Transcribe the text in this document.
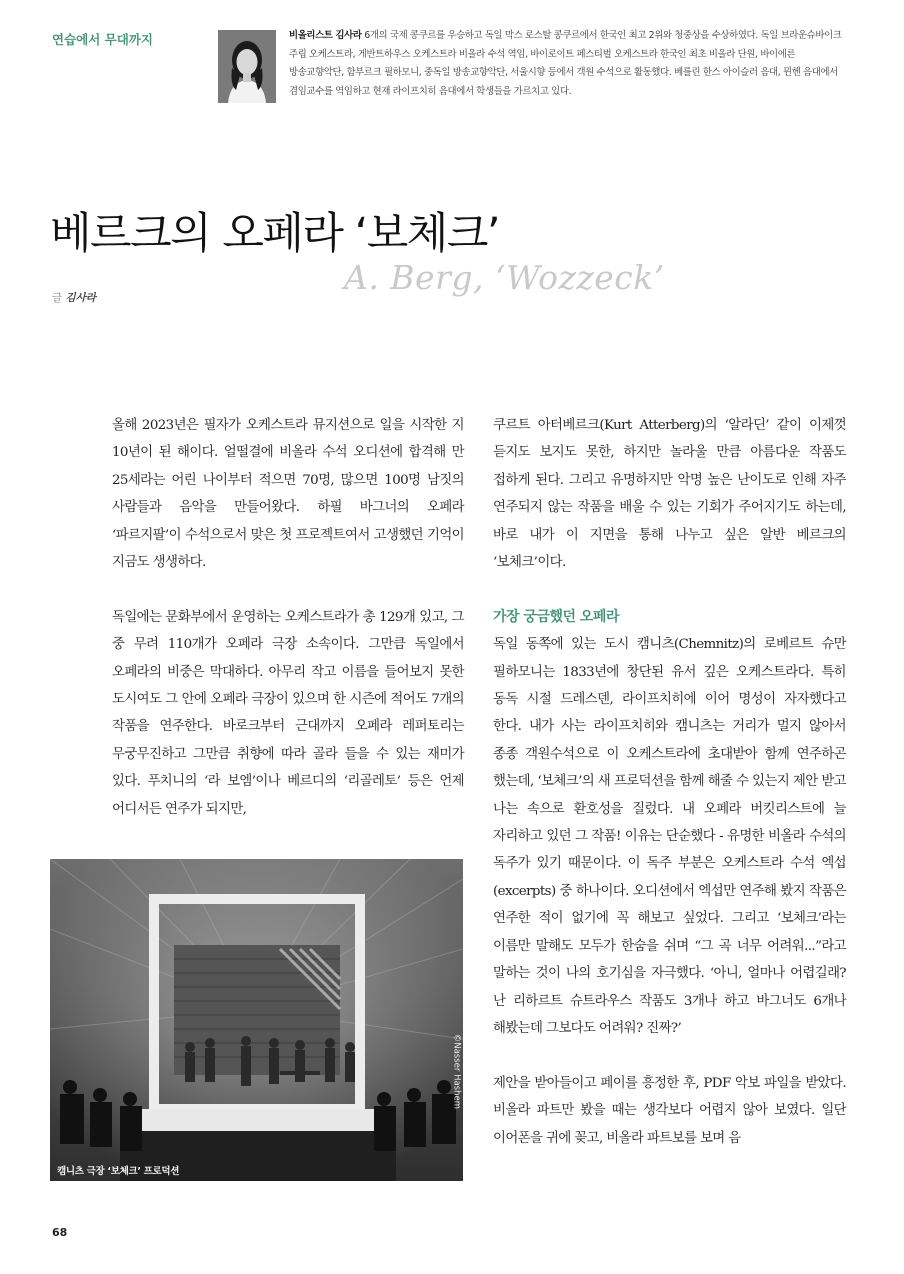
연습에서 무대까지	비올리스트 김사라 6개의 국제 콩쿠르를 우승하고 독일 막스 로스탈 콩쿠르에서 한국인 최고 2위와 청중상을 수상하였다. 독일 브라운슈바이크 주립 오케스트라, 게반트하우스 오케스트라 비올라 수석 역임, 바이로이트 페스티벌 오케스트라 한국인 최초 비올라 단원, 바이에른 방송교향악단, 함부르크 필하모니, 중독일 방송교향악단, 서울시향 등에서 객원 수석으로 활동했다. 베를린 한스 아이슬러 음대, 뮌헨 음대에서 겸임교수를 역임하고 현재 라이프치히 음대에서 학생들을 가르치고 있다.
베르크의 오페라 ‘보체크’
A. Berg, ‘Wozzeck’
글 김사라

올해 2023년은 필자가 오케스트라 뮤지션으로 일을 시작한 지 10년이 된 해이다. 얼떨결에 비올라 수석 오디션에 합격해 만 25세라는 어린 나이부터 적으면 70명, 많으면 100명 남짓의 사람들과 음악을 만들어왔다. 하필 바그너의 오페라 ‘파르지팔’이 수석으로서 맞은 첫 프로젝트여서 고생했던 기억이 지금도 생생하다.

독일에는 문화부에서 운영하는 오케스트라가 총 129개 있고, 그 중 무려 110개가 오페라 극장 소속이다. 그만큼 독일에서 오페라의 비중은 막대하다. 아무리 작고 이름을 들어보지 못한 도시여도 그 안에 오페라 극장이 있으며 한 시즌에 적어도 7개의 작품을 연주한다. 바로크부터 근대까지 오페라 레퍼토리는 무궁무진하고 그만큼 취향에 따라 골라 들을 수 있는 재미가 있다. 푸치니의 ‘라 보엠’이나 베르디의 ‘리골레토’ 등은 언제 어디서든 연주가 되지만,

쿠르트 아터베르크(Kurt Atterberg)의 ‘알라딘’ 같이 이제껏 듣지도 보지도 못한, 하지만 놀라울 만큼 아름다운 작품도 접하게 된다. 그리고 유명하지만 악명 높은 난이도로 인해 자주 연주되지 않는 작품을 배울 수 있는 기회가 주어지기도 하는데, 바로 내가 이 지면을 통해 나누고 싶은 알반 베르크의 ‘보체크’이다.

가장 궁금했던 오페라

독일 동쪽에 있는 도시 캠니츠(Chemnitz)의 로베르트 슈만 필하모니는 1833년에 창단된 유서 깊은 오케스트라다. 특히 동독 시절 드레스덴, 라이프치히에 이어 명성이 자자했다고 한다. 내가 사는 라이프치히와 캠니츠는 거리가 멀지 않아서 종종 객원수석으로 이 오케스트라에 초대받아 함께 연주하곤 했는데, ‘보체크’의 새 프로덕션을 함께 해줄 수 있는지 제안 받고 나는 속으로 환호성을 질렀다. 내 오페라 버킷리스트에 늘 자리하고 있던 그 작품! 이유는 단순했다 - 유명한 비올라 수석의 독주가 있기 때문이다. 이 독주 부분은 오케스트라 수석 엑섭(excerpts) 중 하나이다. 오디션에서 엑섭만 연주해 봤지 작품은 연주한 적이 없기에 꼭 해보고 싶었다. 그리고 ‘보체크’라는 이름만 말해도 모두가 한숨을 쉬며 “그 곡 너무 어려워...”라고 말하는 것이 나의 호기심을 자극했다. ‘아니, 얼마나 어렵길래? 난 리하르트 슈트라우스 작품도 3개나 하고 바그너도 6개나 해봤는데 그보다도 어려워? 진짜?’

제안을 받아들이고 페이를 흥정한 후, PDF 악보 파일을 받았다. 비올라 파트만 봤을 때는 생각보다 어렵지 않아 보였다. 일단 이어폰을 귀에 꽂고, 비올라 파트보를 보며 음

캠니츠 극장 ‘보체크’ 프로덕션
©Nasser Hashem
68
